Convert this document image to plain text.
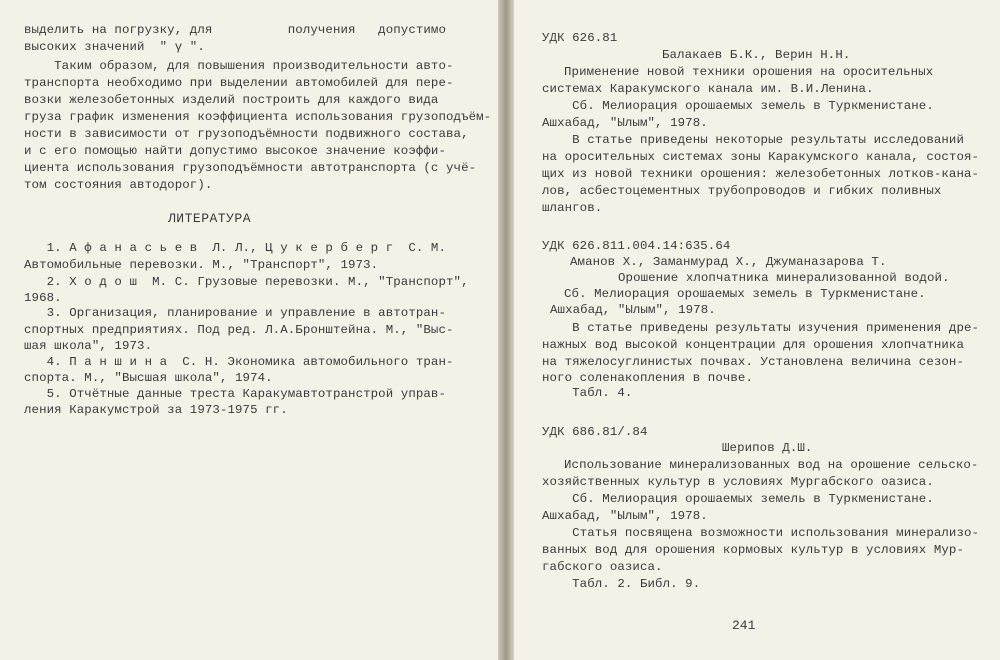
выделить на погрузку, для          получения   допустимо
высоких значений  " γ ".
Таким образом, для повышения производительности авто-
транспорта необходимо при выделении автомобилей для пере-
возки железобетонных изделий построить для каждого вида
груза график изменения коэффициента использования грузоподъём-
ности в зависимости от грузоподъёмности подвижного состава,
и с его помощью найти допустимо высокое значение коэффи-
циента использования грузоподъёмности автотранспорта (с учё-
том состояния автодорог).
ЛИТЕРАТУРА
1. А ф а н а с ь е в  Л. Л., Ц у к е р б е р г  С. М.
Автомобильные перевозки. М., "Транспорт", 1973.
2. Х о д о ш  М. С. Грузовые перевозки. М., "Транспорт",
1968.
3. Организация, планирование и управление в автотран-
спортных предприятиях. Под ред. Л.А.Бронштейна. М., "Выс-
шая школа", 1973.
4. П а н ш и н а  С. Н. Экономика автомобильного тран-
спорта. М., "Высшая школа", 1974.
5. Отчётные данные треста Каракумавтотранстрой управ-
ления Каракумстрой за 1973-1975 гг.
УДК 626.81
Балакаев Б.К., Верин Н.Н.
Применение новой техники орошения на оросительных
системах Каракумского канала им. В.И.Ленина.
Сб. Мелиорация орошаемых земель в Туркменистане.
Ашхабад, "Ылым", 1978.
В статье приведены некоторые результаты исследований
на оросительных системах зоны Каракумского канала, состоя-
щих из новой техники орошения: железобетонных лотков-кана-
лов, асбестоцементных трубопроводов и гибких поливных
шлангов.
УДК 626.811.004.14:635.64
Аманов Х., Заманмурад Х., Джуманазарова Т.
Орошение хлопчатника минерализованной водой.
Сб. Мелиорация орошаемых земель в Туркменистане.
Ашхабад, "Ылым", 1978.
В статье приведены результаты изучения применения дре-
нажных вод высокой концентрации для орошения хлопчатника
на тяжелосуглинистых почвах. Установлена величина сезон-
ного соленакопления в почве.
Табл. 4.
УДК 686.81/.84
Шерипов Д.Ш.
Использование минерализованных вод на орошение сельско-
хозяйственных культур в условиях Мургабского оазиса.
Сб. Мелиорация орошаемых земель в Туркменистане.
Ашхабад, "Ылым", 1978.
Статья посвящена возможности использования минерализо-
ванных вод для орошения кормовых культур в условиях Мур-
габского оазиса.
Табл. 2. Библ. 9.
241
